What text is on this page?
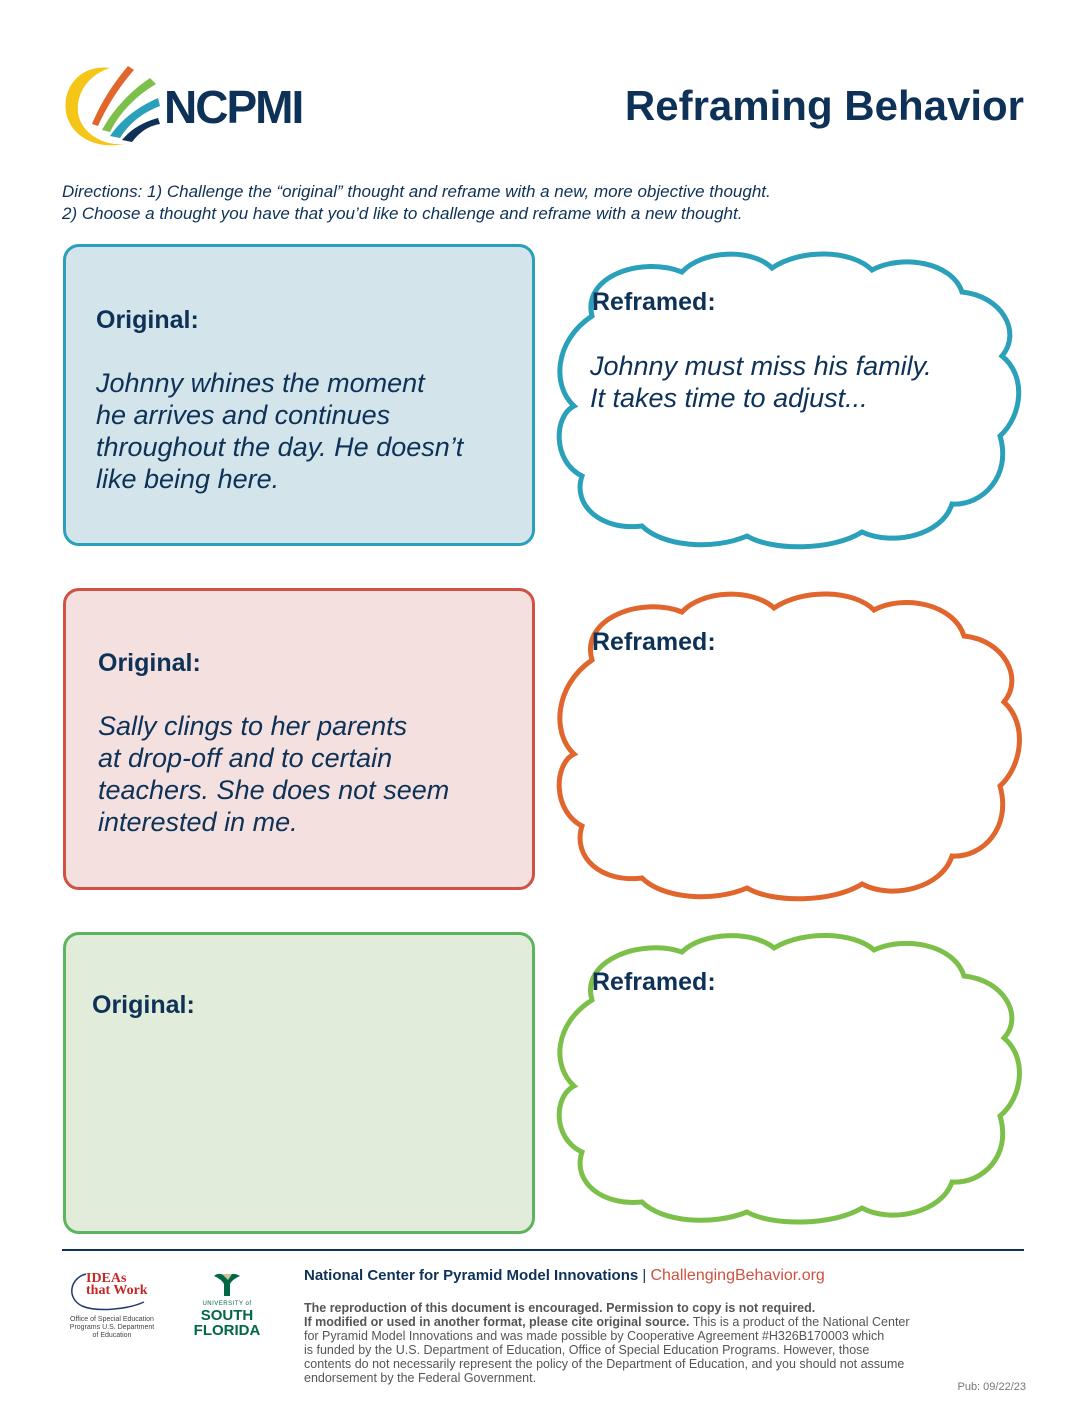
NCPMI	Reframing Behavior
Directions: 1) Challenge the “original” thought and reframe with a new, more objective thought.
2) Choose a thought you have that you’d like to challenge and reframe with a new thought.
Original:
Johnny whines the moment
he arrives and continues
throughout the day. He doesn’t
like being here.
Reframed:
Johnny must miss his family.
It takes time to adjust...
Original:
Sally clings to her parents
at drop-off and to certain
teachers. She does not seem
interested in me.
Reframed:
Original:
Reframed:
IDEAs
that Work
Office of Special Education Programs U.S. Department of Education
UNIVERSITY of
SOUTH
FLORIDA
National Center for Pyramid Model Innovations | ChallengingBehavior.org
The reproduction of this document is encouraged. Permission to copy is not required.
If modified or used in another format, please cite original source. This is a product of the National Center
for Pyramid Model Innovations and was made possible by Cooperative Agreement #H326B170003 which
is funded by the U.S. Department of Education, Office of Special Education Programs. However, those
contents do not necessarily represent the policy of the Department of Education, and you should not assume
endorsement by the Federal Government.
Pub: 09/22/23
